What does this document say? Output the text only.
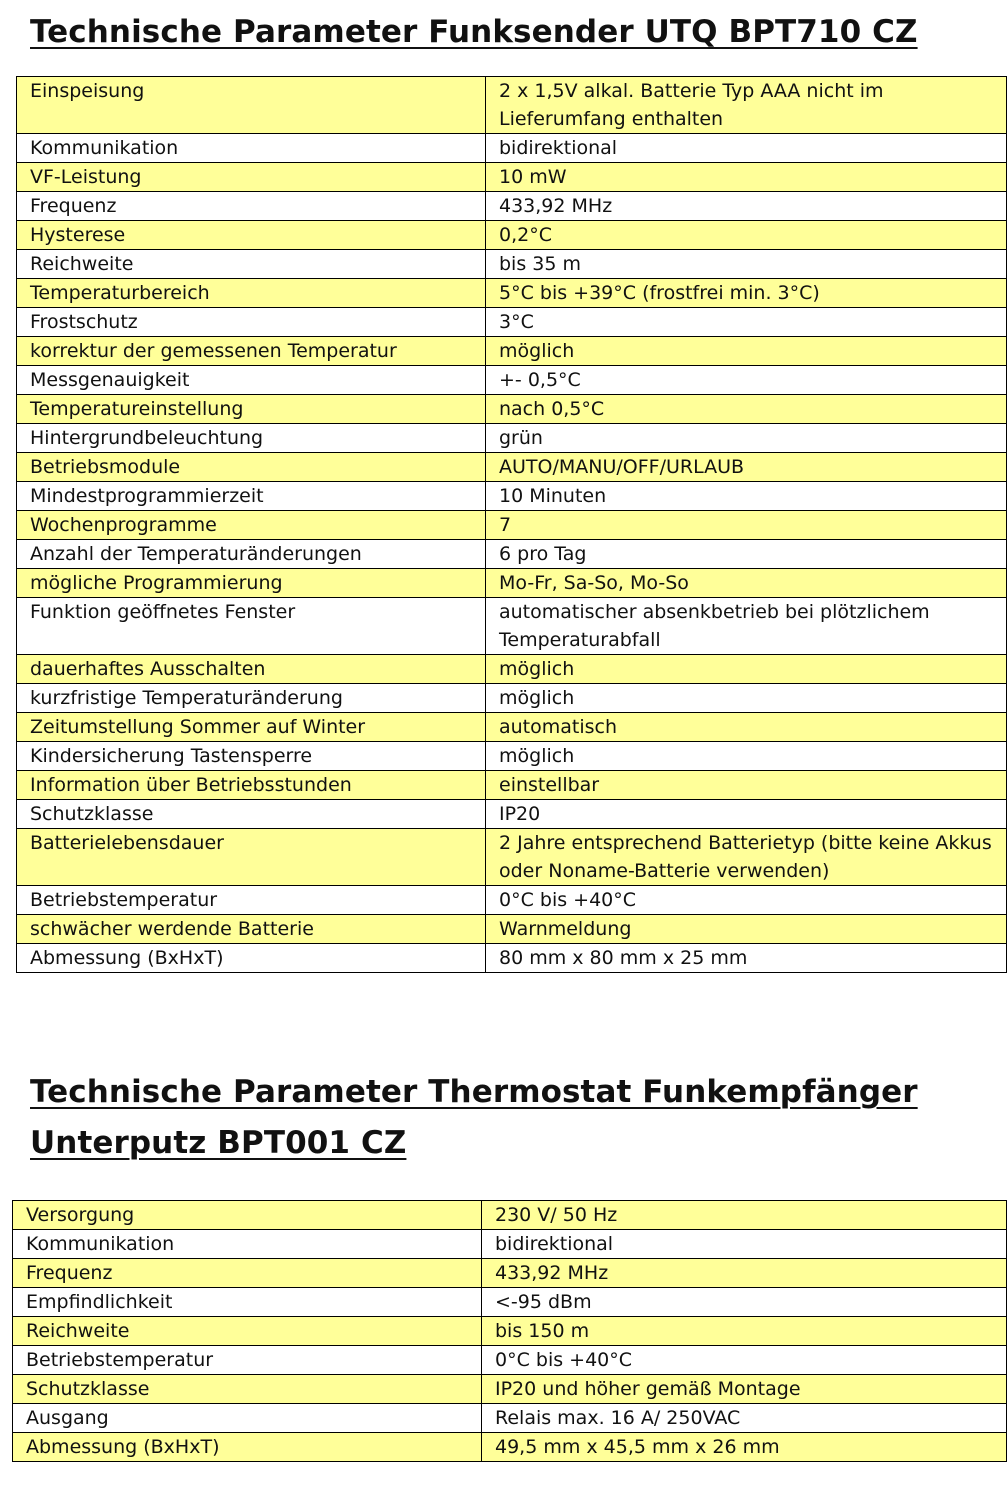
Technische Parameter Funksender UTQ BPT710 CZ
Einspeisung	2 x 1,5V alkal. Batterie Typ AAA nicht im Lieferumfang enthalten
Kommunikation	bidirektional
VF-Leistung	10 mW
Frequenz	433,92 MHz
Hysterese	0,2°C
Reichweite	bis 35 m
Temperaturbereich	5°C bis +39°C (frostfrei min. 3°C)
Frostschutz	3°C
korrektur der gemessenen Temperatur	möglich
Messgenauigkeit	+- 0,5°C
Temperatureinstellung	nach 0,5°C
Hintergrundbeleuchtung	grün
Betriebsmodule	AUTO/MANU/OFF/URLAUB
Mindestprogrammierzeit	10 Minuten
Wochenprogramme	7
Anzahl der Temperaturänderungen	6 pro Tag
mögliche Programmierung	Mo-Fr, Sa-So, Mo-So
Funktion geöffnetes Fenster	automatischer absenkbetrieb bei plötzlichem Temperaturabfall
dauerhaftes Ausschalten	möglich
kurzfristige Temperaturänderung	möglich
Zeitumstellung Sommer auf Winter	automatisch
Kindersicherung Tastensperre	möglich
Information über Betriebsstunden	einstellbar
Schutzklasse	IP20
Batterielebensdauer	2 Jahre entsprechend Batterietyp (bitte keine Akkus oder Noname-Batterie verwenden)
Betriebstemperatur	0°C bis +40°C
schwächer werdende Batterie	Warnmeldung
Abmessung (BxHxT)	80 mm x 80 mm x 25 mm
Technische Parameter Thermostat Funkempfänger Unterputz BPT001 CZ
Versorgung	230 V/ 50 Hz
Kommunikation	bidirektional
Frequenz	433,92 MHz
Empfindlichkeit	<-95 dBm
Reichweite	bis 150 m
Betriebstemperatur	0°C bis +40°C
Schutzklasse	IP20 und höher gemäß Montage
Ausgang	Relais max. 16 A/ 250VAC
Abmessung (BxHxT)	49,5 mm x 45,5 mm x 26 mm
